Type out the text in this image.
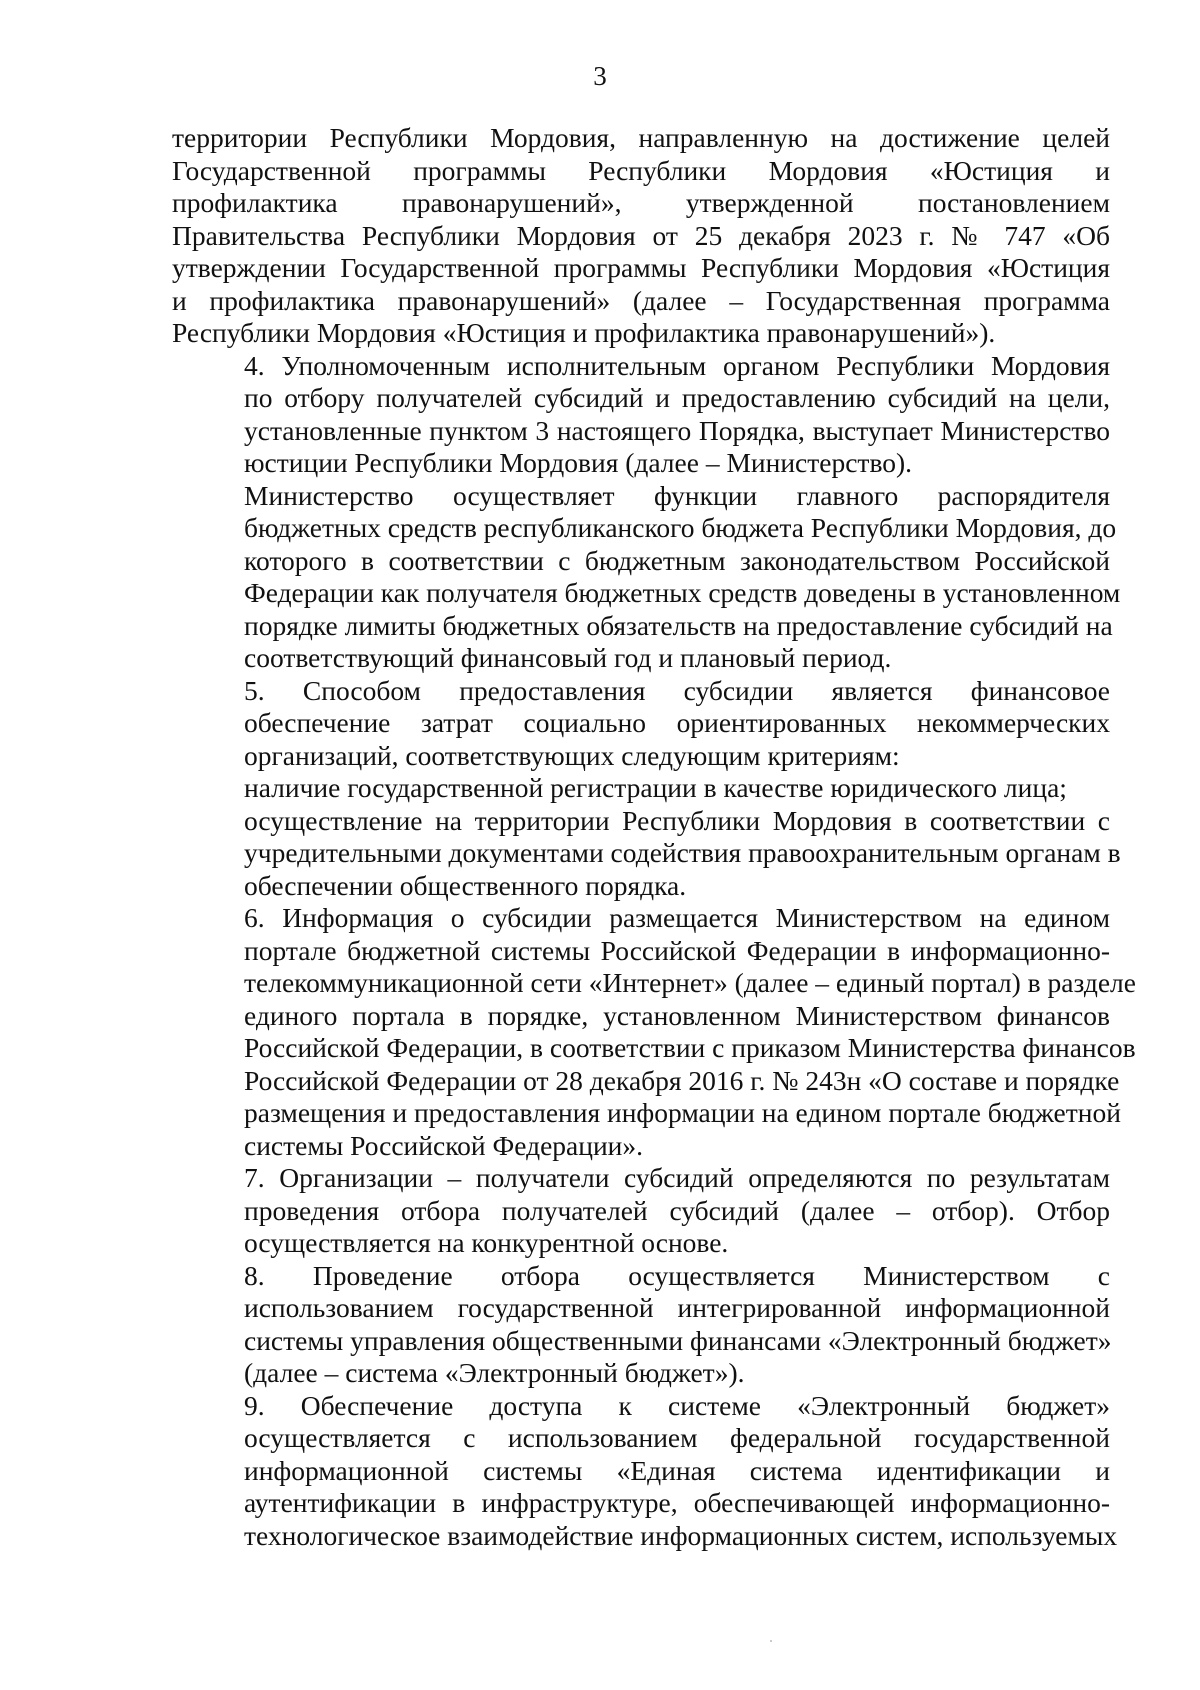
3
территории Республики Мордовия, направленную на достижение целей
Государственной программы Республики Мордовия «Юстиция и
профилактика правонарушений», утвержденной постановлением
Правительства Республики Мордовия от 25 декабря 2023 г. № 747 «Об
утверждении Государственной программы Республики Мордовия «Юстиция
и профилактика правонарушений» (далее – Государственная программа
Республики Мордовия «Юстиция и профилактика правонарушений»).
4. Уполномоченным исполнительным органом Республики Мордовия
по отбору получателей субсидий и предоставлению субсидий на цели,
установленные пунктом 3 настоящего Порядка, выступает Министерство
юстиции Республики Мордовия (далее – Министерство).
Министерство осуществляет функции главного распорядителя
бюджетных средств республиканского бюджета Республики Мордовия, до
которого в соответствии с бюджетным законодательством Российской
Федерации как получателя бюджетных средств доведены в установленном
порядке лимиты бюджетных обязательств на предоставление субсидий на
соответствующий финансовый год и плановый период.
5. Способом предоставления субсидии является финансовое
обеспечение затрат социально ориентированных некоммерческих
организаций, соответствующих следующим критериям:
наличие государственной регистрации в качестве юридического лица;
осуществление на территории Республики Мордовия в соответствии с
учредительными документами содействия правоохранительным органам в
обеспечении общественного порядка.
6. Информация о субсидии размещается Министерством на едином
портале бюджетной системы Российской Федерации в информационно-
телекоммуникационной сети «Интернет» (далее – единый портал) в разделе
единого портала в порядке, установленном Министерством финансов
Российской Федерации, в соответствии с приказом Министерства финансов
Российской Федерации от 28 декабря 2016 г. № 243н «О составе и порядке
размещения и предоставления информации на едином портале бюджетной
системы Российской Федерации».
7. Организации – получатели субсидий определяются по результатам
проведения отбора получателей субсидий (далее – отбор). Отбор
осуществляется на конкурентной основе.
8. Проведение отбора осуществляется Министерством с
использованием государственной интегрированной информационной
системы управления общественными финансами «Электронный бюджет»
(далее – система «Электронный бюджет»).
9. Обеспечение доступа к системе «Электронный бюджет»
осуществляется с использованием федеральной государственной
информационной системы «Единая система идентификации и
аутентификации в инфраструктуре, обеспечивающей информационно-
технологическое взаимодействие информационных систем, используемых
